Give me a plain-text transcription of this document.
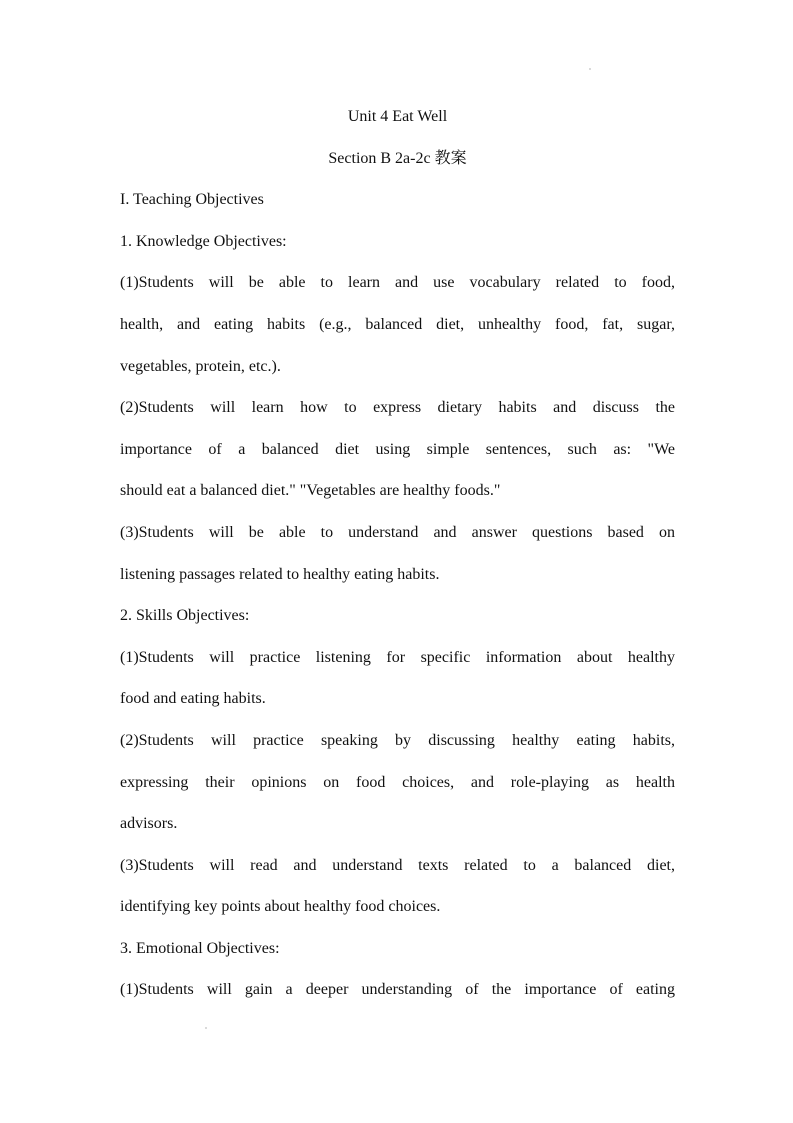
Unit 4 Eat Well
Section B 2a-2c 教案
I. Teaching Objectives
1. Knowledge Objectives:
(1)Students will be able to learn and use vocabulary related to food,
health, and eating habits (e.g., balanced diet, unhealthy food, fat, sugar,
vegetables, protein, etc.).
(2)Students will learn how to express dietary habits and discuss the
importance of a balanced diet using simple sentences, such as: "We
should eat a balanced diet." "Vegetables are healthy foods."
(3)Students will be able to understand and answer questions based on
listening passages related to healthy eating habits.
2. Skills Objectives:
(1)Students will practice listening for specific information about healthy
food and eating habits.
(2)Students will practice speaking by discussing healthy eating habits,
expressing their opinions on food choices, and role-playing as health
advisors.
(3)Students will read and understand texts related to a balanced diet,
identifying key points about healthy food choices.
3. Emotional Objectives:
(1)Students will gain a deeper understanding of the importance of eating
